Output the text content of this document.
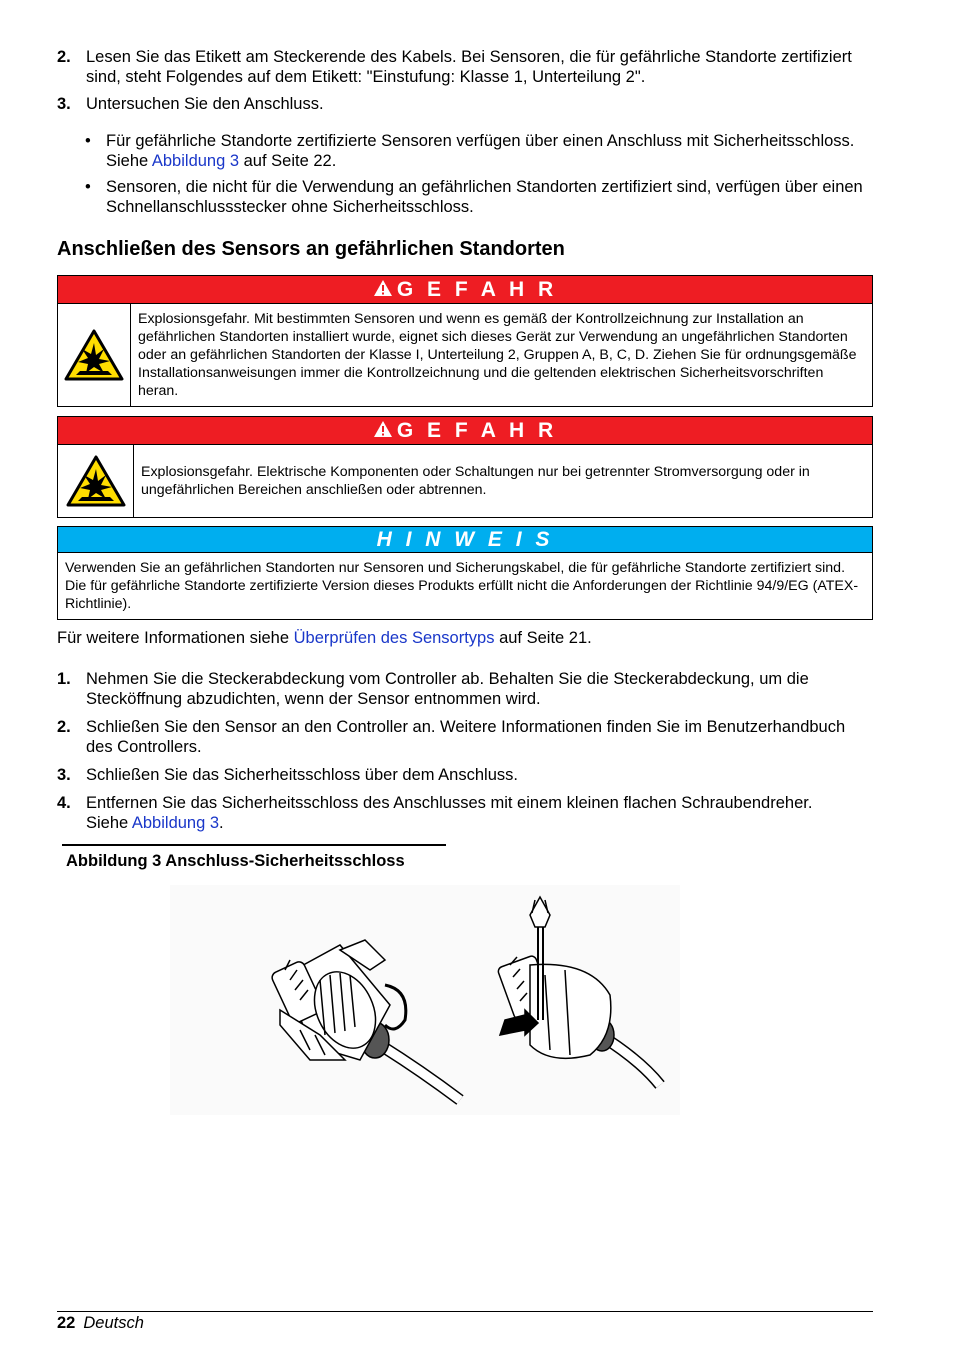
2. Lesen Sie das Etikett am Steckerende des Kabels. Bei Sensoren, die für gefährliche Standorte zertifiziert sind, steht Folgendes auf dem Etikett: "Einstufung: Klasse 1, Unterteilung 2".
3. Untersuchen Sie den Anschluss.
• Für gefährliche Standorte zertifizierte Sensoren verfügen über einen Anschluss mit Sicherheitsschloss. Siehe Abbildung 3 auf Seite 22.
• Sensoren, die nicht für die Verwendung an gefährlichen Standorten zertifiziert sind, verfügen über einen Schnellanschlussstecker ohne Sicherheitsschloss.
Anschließen des Sensors an gefährlichen Standorten
G E F A H R
Explosionsgefahr. Mit bestimmten Sensoren und wenn es gemäß der Kontrollzeichnung zur Installation an gefährlichen Standorten installiert wurde, eignet sich dieses Gerät zur Verwendung an ungefährlichen Standorten oder an gefährlichen Standorten der Klasse I, Unterteilung 2, Gruppen A, B, C, D. Ziehen Sie für ordnungsgemäße Installationsanweisungen immer die Kontrollzeichnung und die geltenden elektrischen Sicherheitsvorschriften heran.
G E F A H R
Explosionsgefahr. Elektrische Komponenten oder Schaltungen nur bei getrennter Stromversorgung oder in ungefährlichen Bereichen anschließen oder abtrennen.
H I N W E I S
Verwenden Sie an gefährlichen Standorten nur Sensoren und Sicherungskabel, die für gefährliche Standorte zertifiziert sind. Die für gefährliche Standorte zertifizierte Version dieses Produkts erfüllt nicht die Anforderungen der Richtlinie 94/9/EG (ATEX-Richtlinie).
Für weitere Informationen siehe Überprüfen des Sensortyps auf Seite 21.
1. Nehmen Sie die Steckerabdeckung vom Controller ab. Behalten Sie die Steckerabdeckung, um die Stecköffnung abzudichten, wenn der Sensor entnommen wird.
2. Schließen Sie den Sensor an den Controller an. Weitere Informationen finden Sie im Benutzerhandbuch des Controllers.
3. Schließen Sie das Sicherheitsschloss über dem Anschluss.
4. Entfernen Sie das Sicherheitsschloss des Anschlusses mit einem kleinen flachen Schraubendreher. Siehe Abbildung 3.
Abbildung 3 Anschluss-Sicherheitsschloss
22 Deutsch
